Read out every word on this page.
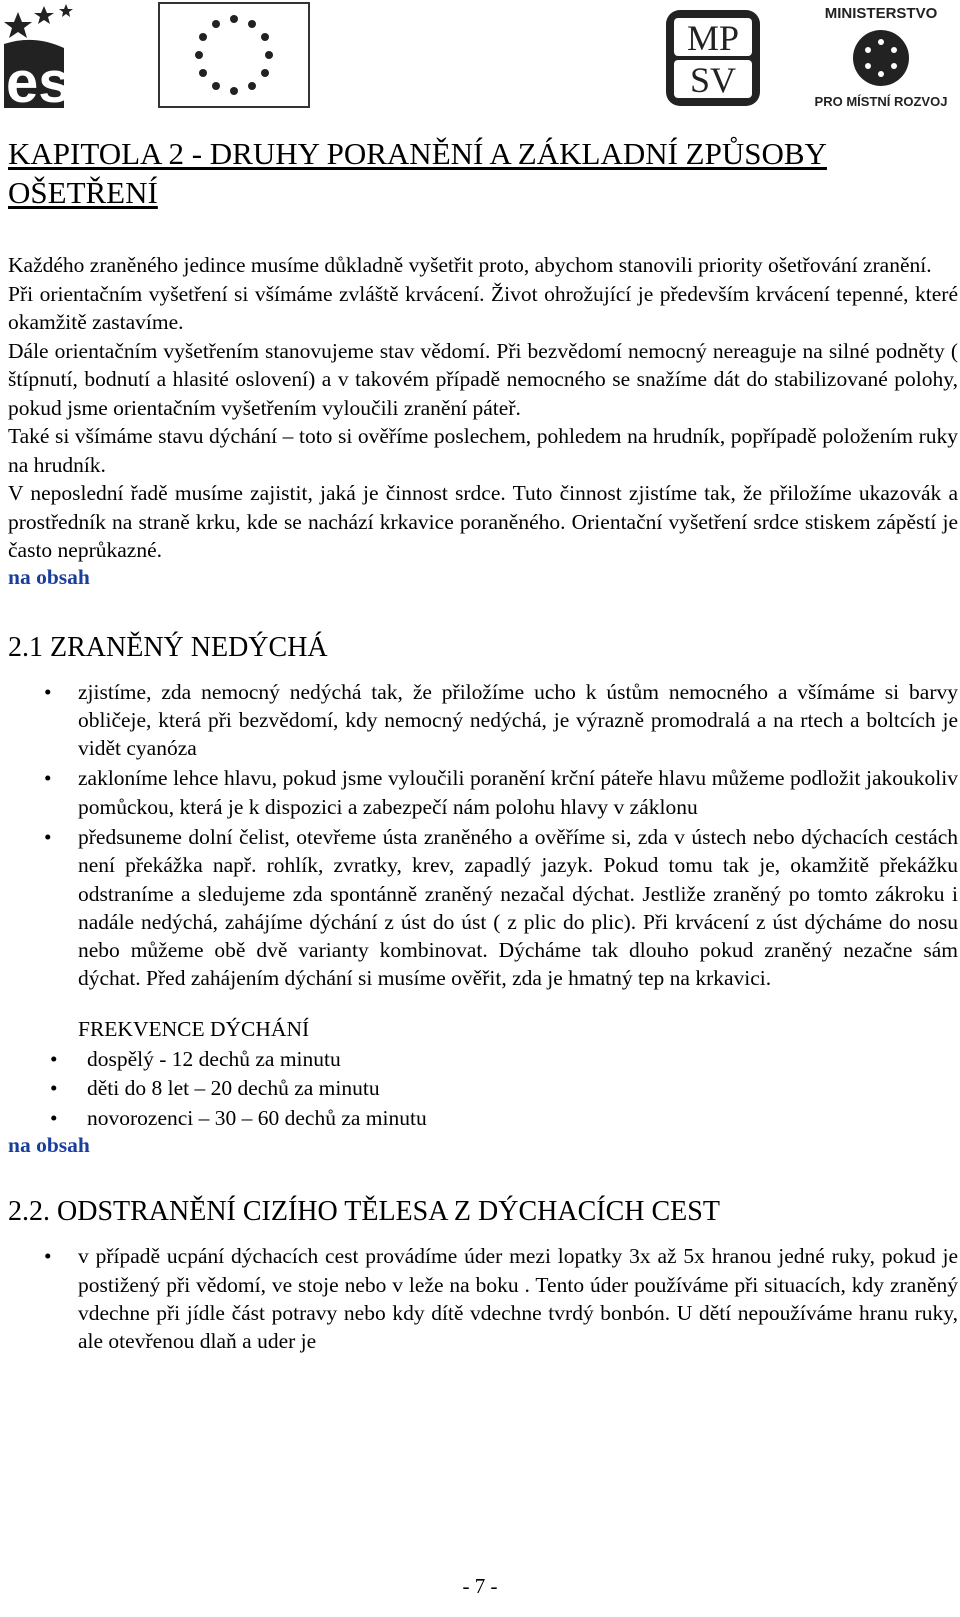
esf
MP
SV
MINISTERSTVO
PRO MÍSTNÍ ROZVOJ
KAPITOLA 2 - DRUHY PORANĚNÍ A ZÁKLADNÍ ZPŮSOBY
OŠETŘENÍ

Každého zraněného jedince musíme důkladně vyšetřit proto, abychom stanovili priority ošetřování zranění.

Při orientačním vyšetření si všímáme zvláště krvácení. Život ohrožující je především krvácení tepenné, které okamžitě zastavíme.

Dále orientačním vyšetřením stanovujeme stav vědomí. Při bezvědomí nemocný nereaguje na silné podněty ( štípnutí, bodnutí a hlasité oslovení) a v takovém případě nemocného se snažíme dát do stabilizované polohy, pokud jsme orientačním vyšetřením vyloučili zranění páteř.

Také si všímáme stavu dýchání – toto si ověříme poslechem, pohledem na hrudník, popřípadě položením ruky na hrudník.

V neposlední řadě musíme zajistit, jaká je činnost srdce. Tuto činnost zjistíme tak, že přiložíme ukazovák a prostředník na straně krku, kde se nachází krkavice poraněného. Orientační vyšetření srdce stiskem zápěstí je často neprůkazné.

na obsah
2.1 ZRANĚNÝ NEDÝCHÁ
• zjistíme, zda nemocný nedýchá tak, že přiložíme ucho k ústům nemocného a všímáme si barvy obličeje, která při bezvědomí, kdy nemocný nedýchá, je výrazně promodralá a na rtech a boltcích je vidět cyanóza
• zakloníme lehce hlavu, pokud jsme vyloučili poranění krční páteře hlavu můžeme podložit jakoukoliv pomůckou, která je k dispozici a zabezpečí nám polohu hlavy v záklonu
• předsuneme dolní čelist, otevřeme ústa zraněného a ověříme si, zda v ústech nebo dýchacích cestách není překážka např. rohlík, zvratky, krev, zapadlý jazyk. Pokud tomu tak je, okamžitě překážku odstraníme a sledujeme zda spontánně zraněný nezačal dýchat. Jestliže zraněný po tomto zákroku i nadále nedýchá, zahájíme dýchání z úst do úst ( z plic do plic). Při krvácení z úst dýcháme do nosu nebo můžeme obě dvě varianty kombinovat. Dýcháme tak dlouho pokud zraněný nezačne sám dýchat. Před zahájením dýchání si musíme ověřit, zda je hmatný tep na krkavici.
FREKVENCE DÝCHÁNÍ
• dospělý - 12 dechů za minutu
• děti do 8 let – 20 dechů za minutu
• novorozenci – 30 – 60 dechů za minutu
na obsah
2.2. ODSTRANĚNÍ CIZÍHO TĚLESA Z DÝCHACÍCH CEST
• v případě ucpání dýchacích cest provádíme úder mezi lopatky 3x až 5x hranou jedné ruky, pokud je postižený při vědomí, ve stoje nebo v leže na boku . Tento úder používáme při situacích, kdy zraněný vdechne při jídle část potravy nebo kdy dítě vdechne tvrdý bonbón. U dětí nepoužíváme hranu ruky, ale otevřenou dlaň a uder je
- 7 -
